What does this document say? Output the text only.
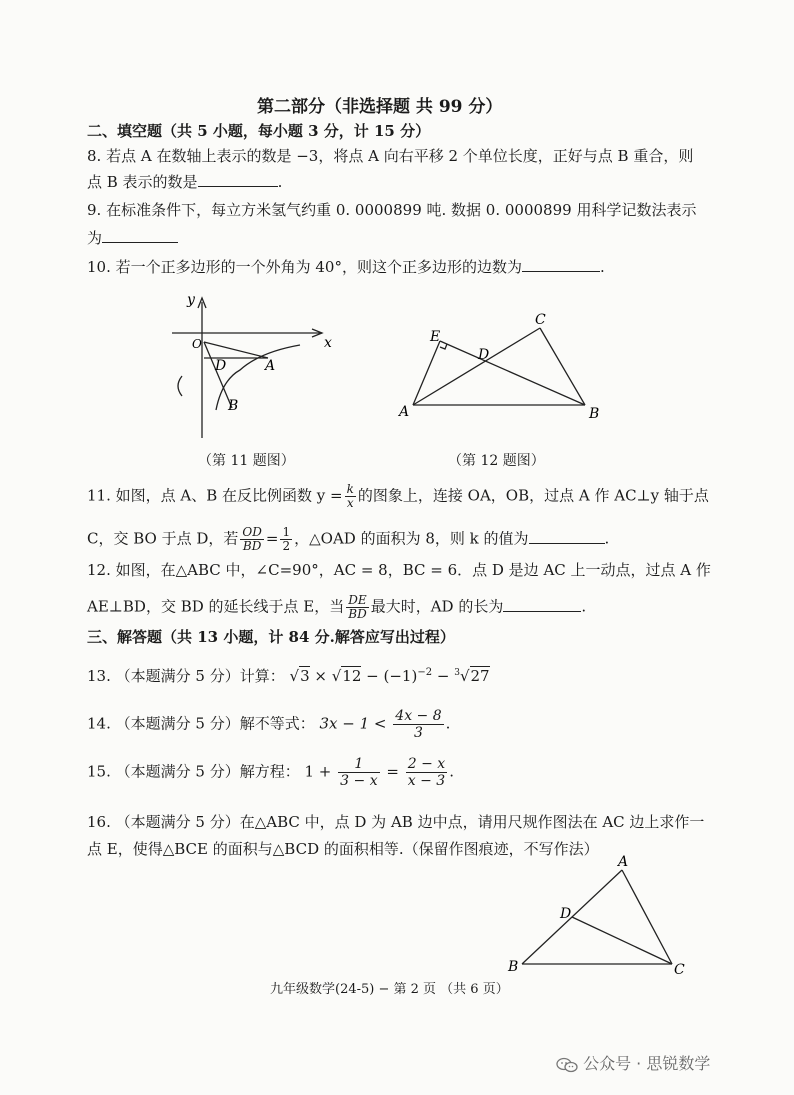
第二部分（非选择题 共 99 分）
二、填空题（共 5 小题，每小题 3 分，计 15 分）
8. 若点 A 在数轴上表示的数是 −3，将点 A 向右平移 2 个单位长度，正好与点 B 重合，则
点 B 表示的数是	.
9. 在标准条件下，每立方米氢气约重 0. 0000899 吨. 数据 0. 0000899 用科学记数法表示
为
10. 若一个正多边形的一个外角为 40°，则这个正多边形的边数为	.
y
x
O
D	A
B
（第 11 题图）
E
C
D
A	B
（第 12 题图）
11. 如图，点 A、B 在反比例函数 $y = \frac{k}{x}$ 的图象上，连接 OA，OB，过点 A 作 AC⊥y 轴于点
C，交 BO 于点 D，若 $\frac{OD}{BD} = \frac{1}{2}$ ，△OAD 的面积为 8，则 k 的值为	.
12. 如图，在△ABC 中，∠C=90°，AC = 8，BC = 6．点 D 是边 AC 上一动点，过点 A 作
AE⊥BD，交 BD 的延长线于点 E，当 $\frac{DE}{BD}$ 最大时，AD 的长为	.
三、解答题（共 13 小题，计 84 分.解答应写出过程）
13. （本题满分 5 分）计算： $√3 \times √12 - (-1)^{-2} - ^3√27$
14. （本题满分 5 分）解不等式： $3x - 1 < \frac{4x - 8}{3}$ .
15. （本题满分 5 分）解方程： $1 + \frac{1}{3 - x} = \frac{2 - x}{x - 3}$ .
16. （本题满分 5 分）在△ABC 中，点 D 为 AB 边中点，请用尺规作图法在 AC 边上求作一
点 E，使得△BCE 的面积与△BCD 的面积相等.（保留作图痕迹，不写作法）
A
D
B	C
九年级数学(24-5) − 第 2 页 （共 6 页）
公众号 · 思锐数学
